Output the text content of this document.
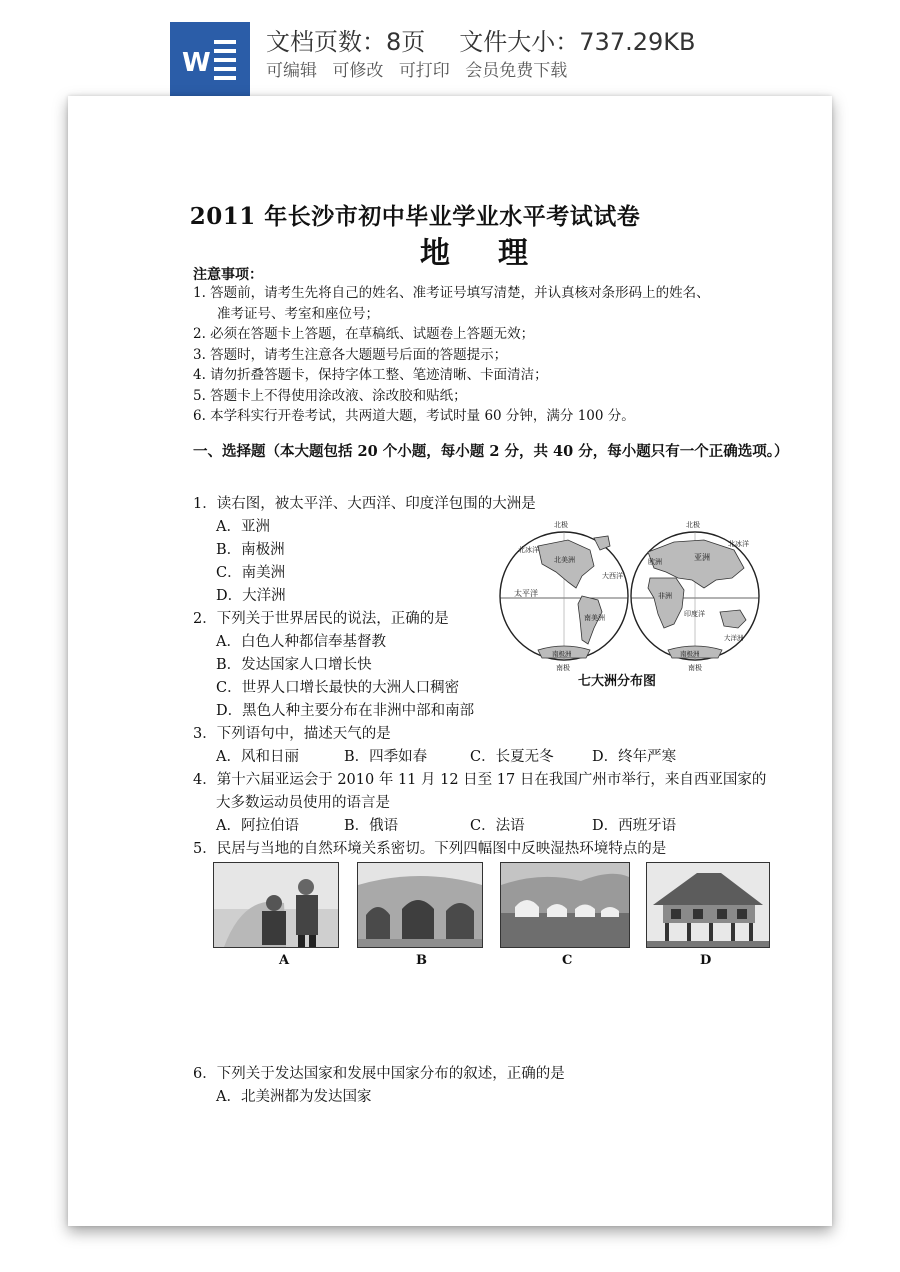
W
文档页数：8页 文件大小：737.29KB
可编辑 可修改 可打印 会员免费下载
2011 年长沙市初中毕业学业水平考试试卷
地理
注意事项：
1. 答题前，请考生先将自己的姓名、准考证号填写清楚，并认真核对条形码上的姓名、
准考证号、考室和座位号；
2. 必须在答题卡上答题，在草稿纸、试题卷上答题无效；
3. 答题时，请考生注意各大题题号后面的答题提示；
4. 请勿折叠答题卡，保持字体工整、笔迹清晰、卡面清洁；
5. 答题卡上不得使用涂改液、涂改胶和贴纸；
6. 本学科实行开卷考试，共两道大题，考试时量 60 分钟，满分 100 分。
一、选择题（本大题包括 20 个小题，每小题 2 分，共 40 分，每小题只有一个正确选项。）
1．读右图，被太平洋、大西洋、印度洋包围的大洲是
A．亚洲
B．南极洲
C．南美洲
D．大洋洲
2．下列关于世界居民的说法，正确的是
A．白色人种都信奉基督教
B．发达国家人口增长快
C．世界人口增长最快的大洲人口稠密
D．黑色人种主要分布在非洲中部和南部
3．下列语句中，描述天气的是
A．风和日丽	B．四季如春	C．长夏无冬	D．终年严寒
4．第十六届亚运会于 2010 年 11 月 12 日至 17 日在我国广州市举行，来自西亚国家的
大多数运动员使用的语言是
A．阿拉伯语	B．俄语	C．法语	D．西班牙语
5．民居与当地的自然环境关系密切。下列四幅图中反映湿热环境特点的是
A	B	C	D
6．下列关于发达国家和发展中国家分布的叙述，正确的是
A．北美洲都为发达国家
北极	北极
北冰洋
北冰洋
北美洲
太平洋
大西洋
南美洲
欧洲	亚洲
非洲
印度洋
大洋洲
南极洲	南极洲
南极	南极
七大洲分布图
